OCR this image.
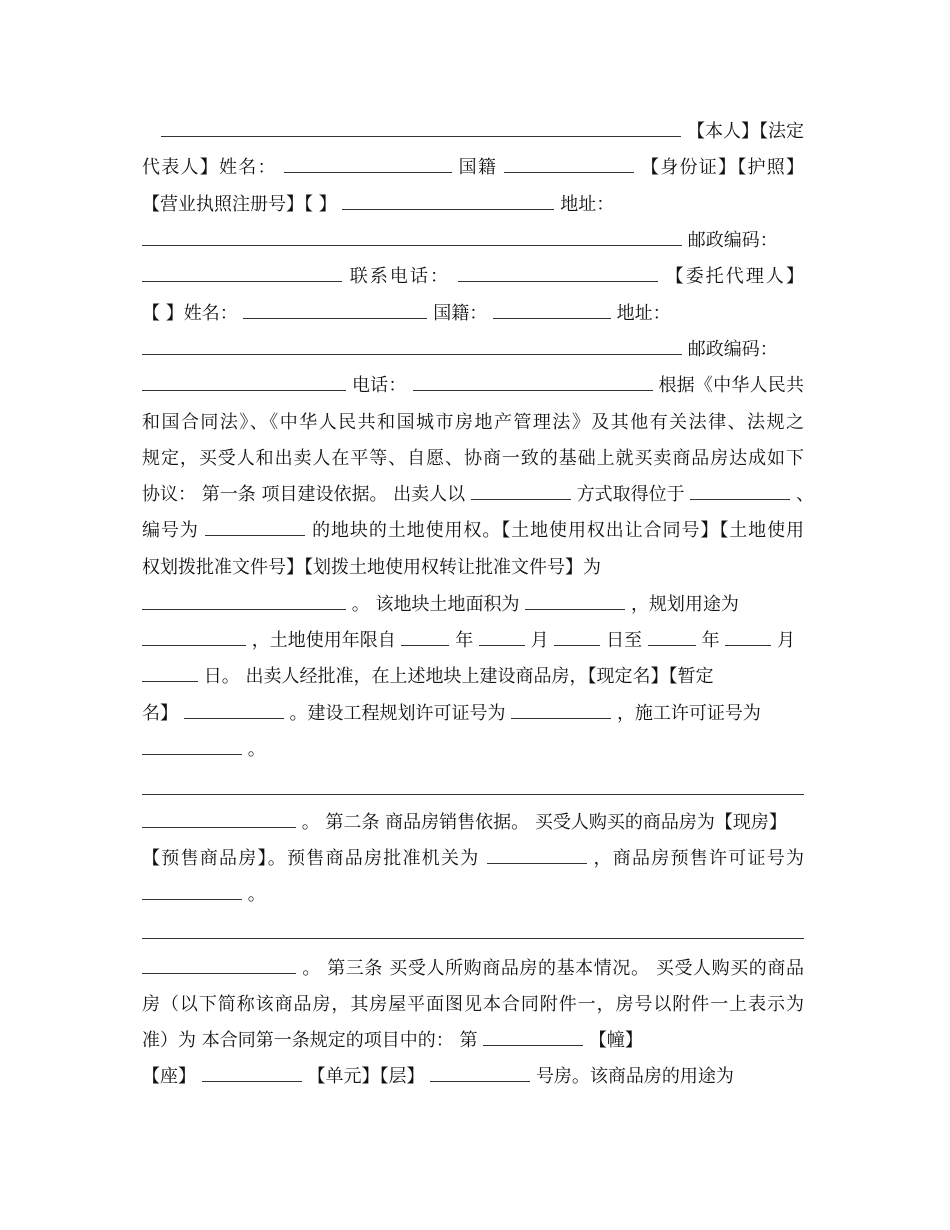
【本人】【法定
代表人】姓名：	国籍	【身份证】【护照】
【营业执照注册号】【 】	地址：
邮政编码：
联系电话：	【委托代理人】
【 】姓名：	国籍：	地址：
邮政编码：
电话：	根据《中华人民共
和国合同法》、《中华人民共和国城市房地产管理法》及其他有关法律、法规之
规定，买受人和出卖人在平等、自愿、协商一致的基础上就买卖商品房达成如下
协议： 第一条 项目建设依据。 出卖人以	方式取得位于	、
编号为	的地块的土地使用权。【土地使用权出让合同号】【土地使用
权划拨批准文件号】【划拨土地使用权转让批准文件号】为
。 该地块土地面积为	，规划用途为
，土地使用年限自	年	月	日至	年	月
日。 出卖人经批准，在上述地块上建设商品房，【现定名】【暂定
名】	。建设工程规划许可证号为	，施工许可证号为
。
。 第二条 商品房销售依据。 买受人购买的商品房为【现房】
【预售商品房】。预售商品房批准机关为	，商品房预售许可证号为
。
。 第三条 买受人所购商品房的基本情况。 买受人购买的商品
房（以下简称该商品房，其房屋平面图见本合同附件一，房号以附件一上表示为
准）为 本合同第一条规定的项目中的： 第	【幢】
【座】	【单元】【层】	号房。该商品房的用途为
